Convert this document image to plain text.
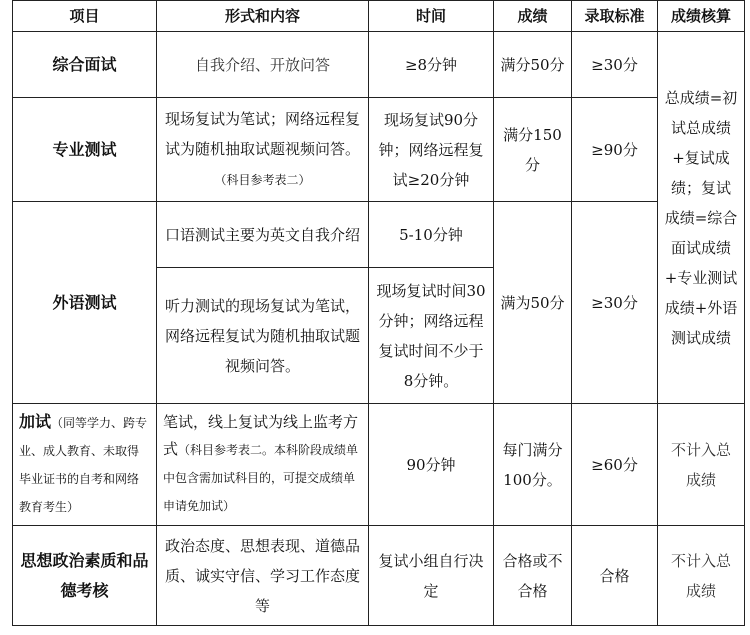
项目	形式和内容	时间	成绩	录取标准	成绩核算
综合面试	自我介绍、开放问答	≥8分钟	满分50分	≥30分	总成绩=初试总成绩+复试成绩；复试成绩=综合面试成绩+专业测试成绩+外语测试成绩
专业测试	现场复试为笔试；网络远程复试为随机抽取试题视频问答。（科目参考表二）	现场复试90分钟；网络远程复试≥20分钟	满分150分	≥90分	
外语测试	口语测试主要为英文自我介绍	5-10分钟	满为50分	≥30分	
	听力测试的现场复试为笔试，网络远程复试为随机抽取试题视频问答。	现场复试时间30分钟；网络远程复试时间不少于8分钟。			
加试（同等学力、跨专业、成人教育、未取得毕业证书的自考和网络教育考生）	笔试，线上复试为线上监考方式（科目参考表二。本科阶段成绩单中包含需加试科目的，可提交成绩单申请免加试）	90分钟	每门满分100分。	≥60分	不计入总成绩
思想政治素质和品德考核	政治态度、思想表现、道德品质、诚实守信、学习工作态度等	复试小组自行决定	合格或不合格	合格	不计入总成绩
